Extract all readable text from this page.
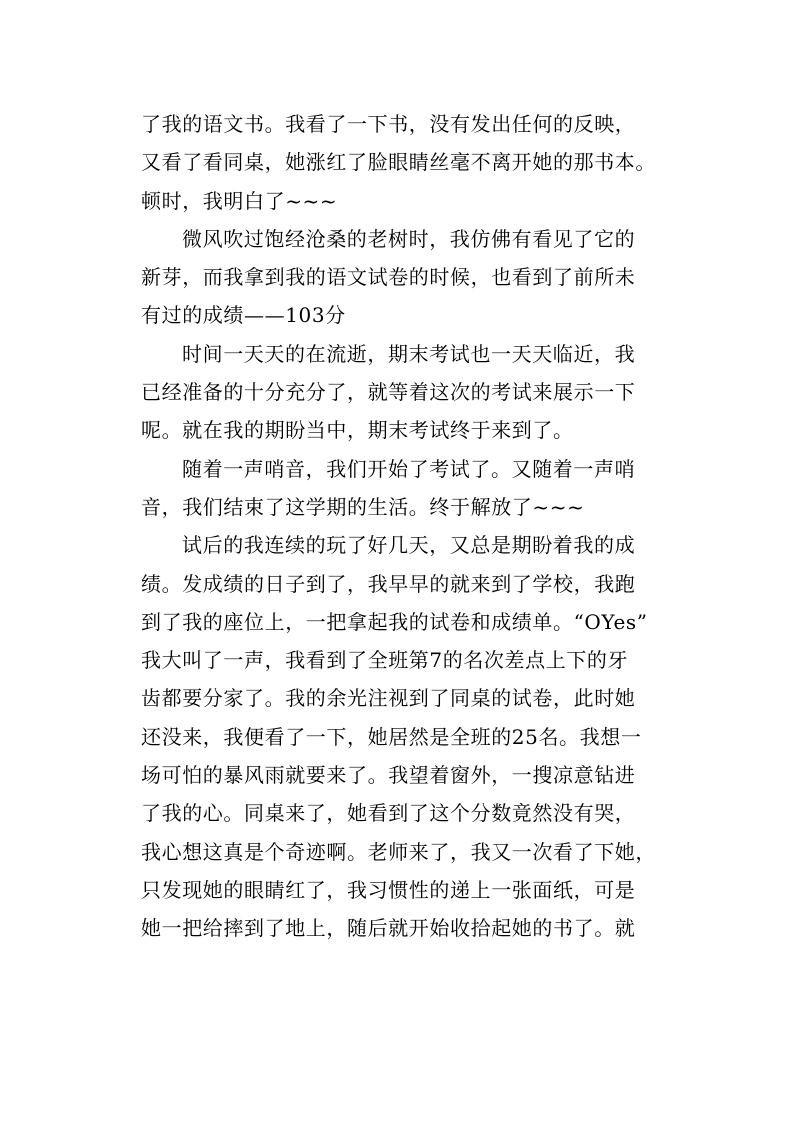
了我的语文书。我看了一下书，没有发出任何的反映，
又看了看同桌，她涨红了脸眼睛丝毫不离开她的那书本。
顿时，我明白了~~~
微风吹过饱经沧桑的老树时，我仿佛有看见了它的
新芽，而我拿到我的语文试卷的时候，也看到了前所未
有过的成绩——103分
时间一天天的在流逝，期末考试也一天天临近，我
已经准备的十分充分了，就等着这次的考试来展示一下
呢。就在我的期盼当中，期末考试终于来到了。
随着一声哨音，我们开始了考试了。又随着一声哨
音，我们结束了这学期的生活。终于解放了~~~
试后的我连续的玩了好几天，又总是期盼着我的成
绩。发成绩的日子到了，我早早的就来到了学校，我跑
到了我的座位上，一把拿起我的试卷和成绩单。“OYes”
我大叫了一声，我看到了全班第7的名次差点上下的牙
齿都要分家了。我的余光注视到了同桌的试卷，此时她
还没来，我便看了一下，她居然是全班的25名。我想一
场可怕的暴风雨就要来了。我望着窗外，一搜凉意钻进
了我的心。同桌来了，她看到了这个分数竟然没有哭，
我心想这真是个奇迹啊。老师来了，我又一次看了下她，
只发现她的眼睛红了，我习惯性的递上一张面纸，可是
她一把给摔到了地上，随后就开始收拾起她的书了。就
